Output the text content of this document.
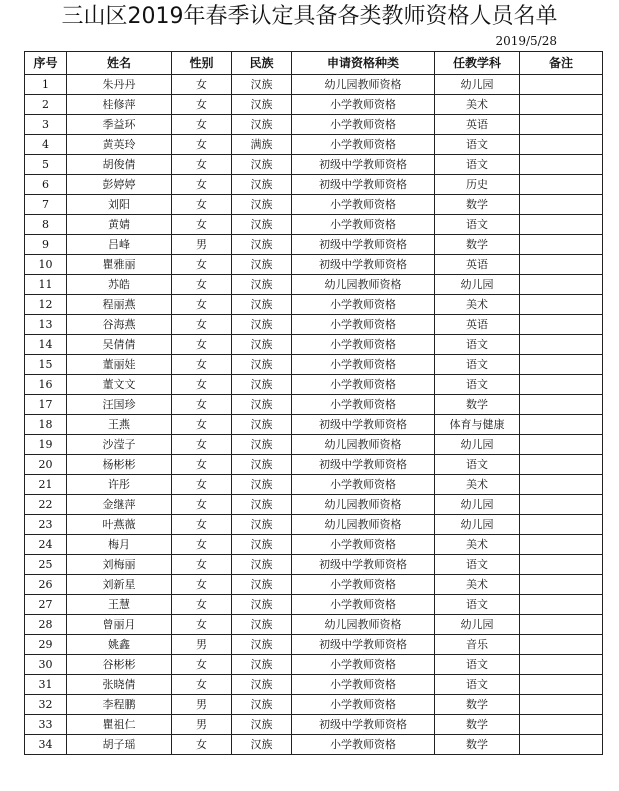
三山区2019年春季认定具备各类教师资格人员名单
2019/5/28
序号	姓名	性别	民族	申请资格种类	任教学科	备注
1	朱丹丹	女	汉族	幼儿园教师资格	幼儿园	
2	桂修萍	女	汉族	小学教师资格	美术	
3	季益环	女	汉族	小学教师资格	英语	
4	黄英玲	女	满族	小学教师资格	语文	
5	胡俊倩	女	汉族	初级中学教师资格	语文	
6	彭婷婷	女	汉族	初级中学教师资格	历史	
7	刘阳	女	汉族	小学教师资格	数学	
8	黄婧	女	汉族	小学教师资格	语文	
9	吕峰	男	汉族	初级中学教师资格	数学	
10	瞿雅丽	女	汉族	初级中学教师资格	英语	
11	苏皓	女	汉族	幼儿园教师资格	幼儿园	
12	程丽燕	女	汉族	小学教师资格	美术	
13	谷海燕	女	汉族	小学教师资格	英语	
14	吴倩倩	女	汉族	小学教师资格	语文	
15	董丽娃	女	汉族	小学教师资格	语文	
16	董文文	女	汉族	小学教师资格	语文	
17	汪国珍	女	汉族	小学教师资格	数学	
18	王燕	女	汉族	初级中学教师资格	体育与健康	
19	沙滢子	女	汉族	幼儿园教师资格	幼儿园	
20	杨彬彬	女	汉族	初级中学教师资格	语文	
21	许彤	女	汉族	小学教师资格	美术	
22	金继萍	女	汉族	幼儿园教师资格	幼儿园	
23	叶燕薇	女	汉族	幼儿园教师资格	幼儿园	
24	梅月	女	汉族	小学教师资格	美术	
25	刘梅丽	女	汉族	初级中学教师资格	语文	
26	刘新星	女	汉族	小学教师资格	美术	
27	王慧	女	汉族	小学教师资格	语文	
28	曾丽月	女	汉族	幼儿园教师资格	幼儿园	
29	姚鑫	男	汉族	初级中学教师资格	音乐	
30	谷彬彬	女	汉族	小学教师资格	语文	
31	张晓倩	女	汉族	小学教师资格	语文	
32	李程鹏	男	汉族	小学教师资格	数学	
33	瞿祖仁	男	汉族	初级中学教师资格	数学	
34	胡子瑶	女	汉族	小学教师资格	数学	
